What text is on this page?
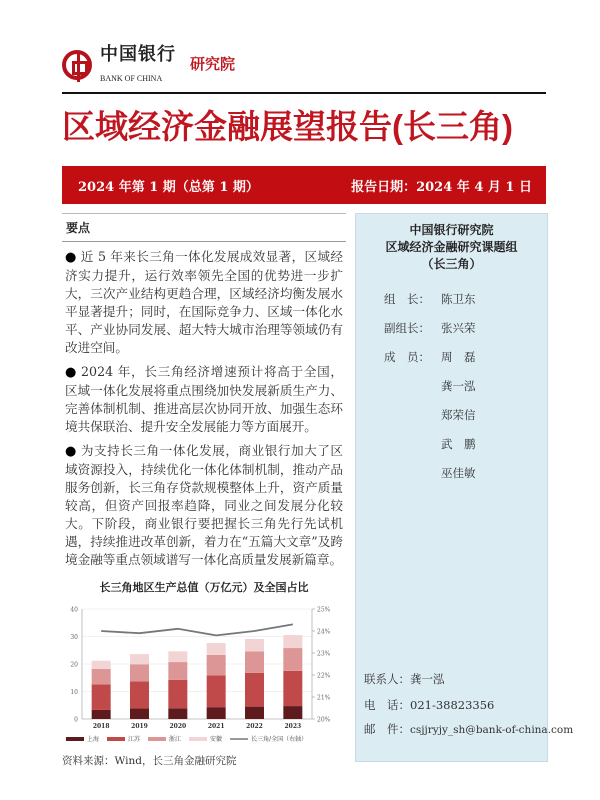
中国银行
BANK OF CHINA
研究院
区域经济金融展望报告(长三角)
2024 年第 1 期（总第 1 期）	报告日期：2024 年 4 月 1 日
要点

● 近 5 年来长三角一体化发展成效显著，区域经济实力提升，运行效率领先全国的优势进一步扩大，三次产业结构更趋合理，区域经济均衡发展水平显著提升；同时，在国际竞争力、区域一体化水平、产业协同发展、超大特大城市治理等领域仍有改进空间。

● 2024 年，长三角经济增速预计将高于全国，区域一体化发展将重点围绕加快发展新质生产力、完善体制机制、推进高层次协同开放、加强生态环境共保联治、提升安全发展能力等方面展开。

● 为支持长三角一体化发展，商业银行加大了区域资源投入，持续优化一体化体制机制，推动产品服务创新，长三角存贷款规模整体上升，资产质量较高，但资产回报率趋降，同业之间发展分化较大。下阶段，商业银行要把握长三角先行先试机遇，持续推进改革创新，着力在“五篇大文章”及跨境金融等重点领域谱写一体化高质量发展新篇章。

长三角地区生产总值（万亿元）及全国占比
0
10
20
30
40
20%
21%
22%
23%
24%
25%
2018	2019	2020	2021	2022	2023
上海	江苏	浙江	安徽	长三角/全国（右轴）
资料来源：Wind，长三角金融研究院
中国银行研究院
区域经济金融研究课题组
（长三角）
组　长： 陈卫东
副组长： 张兴荣
成　员： 周　磊
龚一泓
郑荣信
武　鹏
巫佳敏
联系人：龚一泓
电　话：021-38823356
邮　件：csjjryjy_sh@bank-of-china.com
